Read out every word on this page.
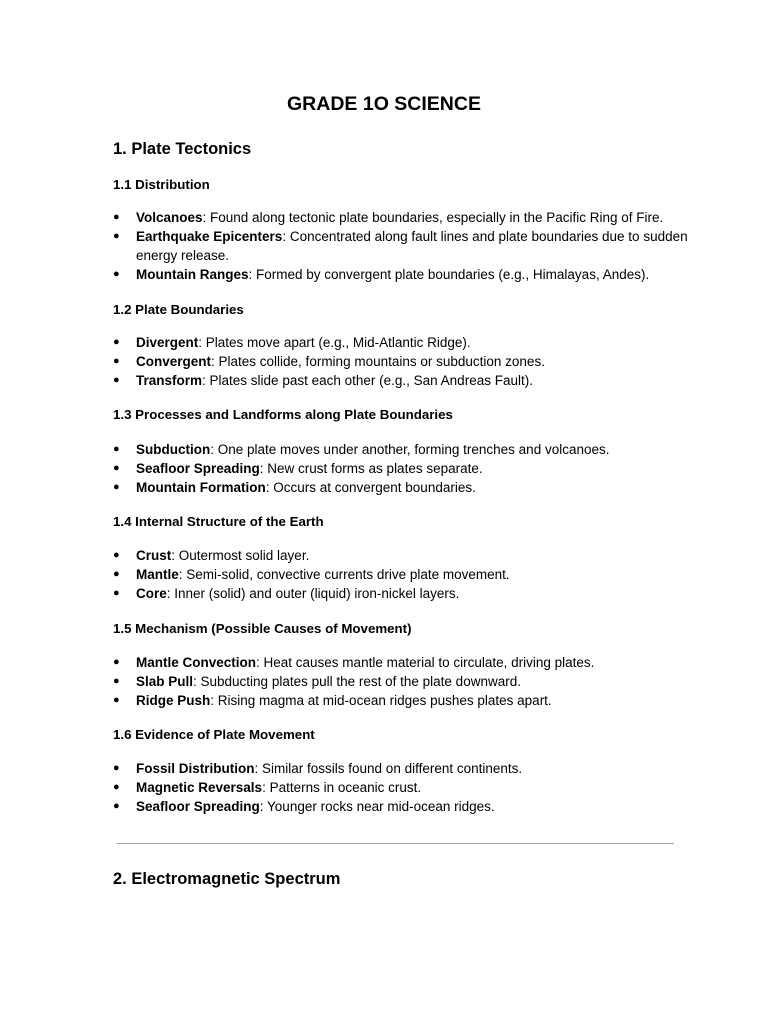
GRADE 1O SCIENCE
1. Plate Tectonics
1.1 Distribution
● Volcanoes: Found along tectonic plate boundaries, especially in the Pacific Ring of Fire.
● Earthquake Epicenters: Concentrated along fault lines and plate boundaries due to sudden energy release.
● Mountain Ranges: Formed by convergent plate boundaries (e.g., Himalayas, Andes).
1.2 Plate Boundaries
● Divergent: Plates move apart (e.g., Mid-Atlantic Ridge).
● Convergent: Plates collide, forming mountains or subduction zones.
● Transform: Plates slide past each other (e.g., San Andreas Fault).
1.3 Processes and Landforms along Plate Boundaries
● Subduction: One plate moves under another, forming trenches and volcanoes.
● Seafloor Spreading: New crust forms as plates separate.
● Mountain Formation: Occurs at convergent boundaries.
1.4 Internal Structure of the Earth
● Crust: Outermost solid layer.
● Mantle: Semi-solid, convective currents drive plate movement.
● Core: Inner (solid) and outer (liquid) iron-nickel layers.
1.5 Mechanism (Possible Causes of Movement)
● Mantle Convection: Heat causes mantle material to circulate, driving plates.
● Slab Pull: Subducting plates pull the rest of the plate downward.
● Ridge Push: Rising magma at mid-ocean ridges pushes plates apart.
1.6 Evidence of Plate Movement
● Fossil Distribution: Similar fossils found on different continents.
● Magnetic Reversals: Patterns in oceanic crust.
● Seafloor Spreading: Younger rocks near mid-ocean ridges.
2. Electromagnetic Spectrum
